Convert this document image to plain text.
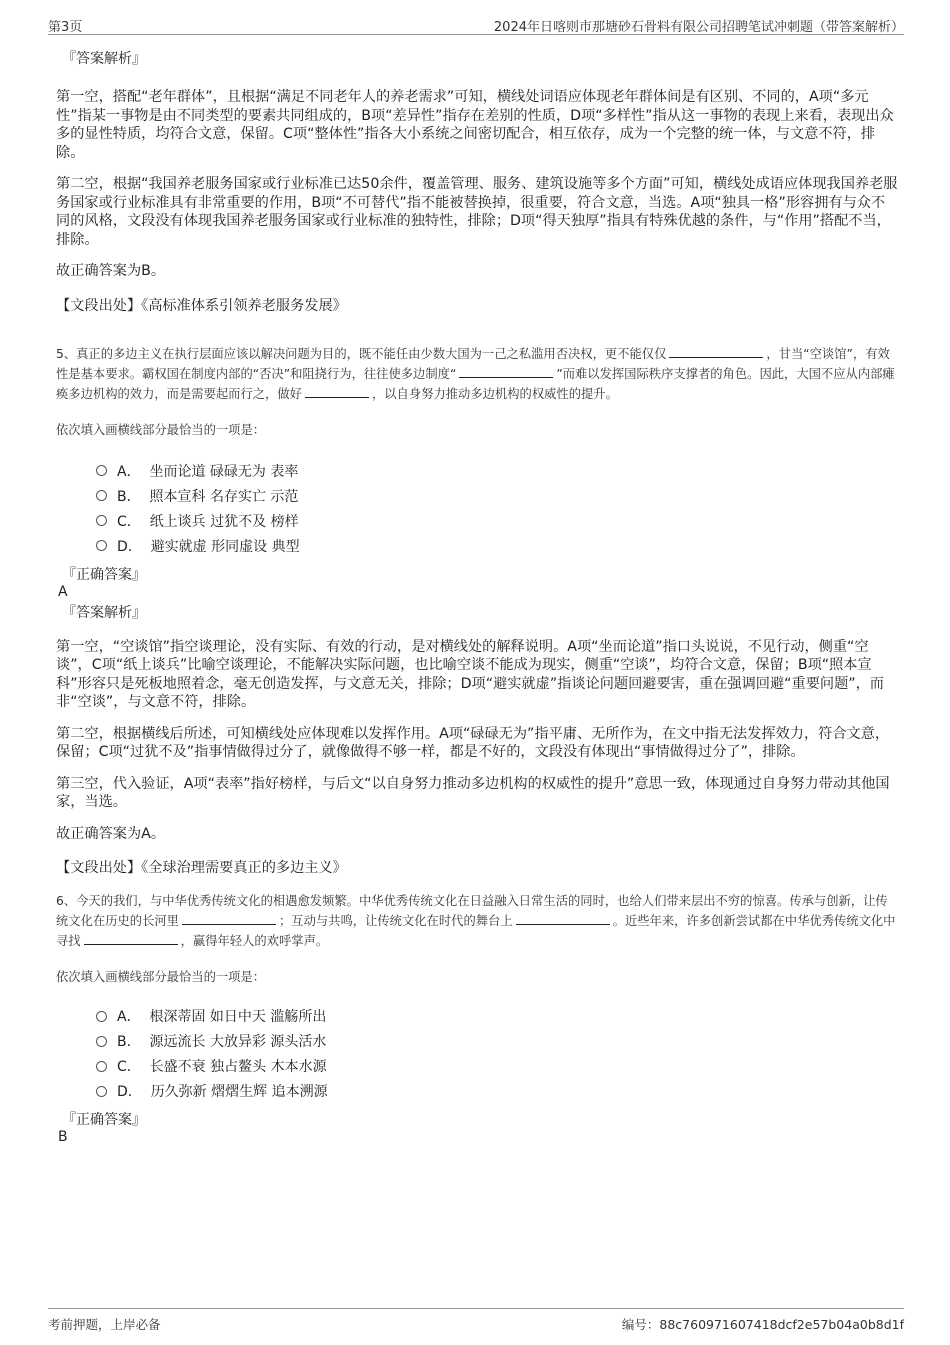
第3页	2024年日喀则市那塘砂石骨料有限公司招聘笔试冲刺题（带答案解析）
『答案解析』

第一空，搭配“老年群体”，且根据“满足不同老年人的养老需求”可知，横线处词语应体现老年群体间是有区别、不同的，A项“多元性”指某一事物是由不同类型的要素共同组成的，B项“差异性”指存在差别的性质，D项“多样性”指从这一事物的表现上来看，表现出众多的显性特质，均符合文意，保留。C项“整体性”指各大小系统之间密切配合，相互依存，成为一个完整的统一体，与文意不符，排除。

第二空，根据“我国养老服务国家或行业标准已达50余件，覆盖管理、服务、建筑设施等多个方面”可知，横线处成语应体现我国养老服务国家或行业标准具有非常重要的作用，B项“不可替代”指不能被替换掉，很重要，符合文意，当选。A项“独具一格”形容拥有与众不同的风格，文段没有体现我国养老服务国家或行业标准的独特性，排除；D项“得天独厚”指具有特殊优越的条件，与“作用”搭配不当，排除。

故正确答案为B。

【文段出处】《高标准体系引领养老服务发展》

5、真正的多边主义在执行层面应该以解决问题为目的，既不能任由少数大国为一己之私滥用否决权，更不能仅仅	，甘当“空谈馆”，有效性是基本要求。霸权国在制度内部的“否决”和阻挠行为，往往使多边制度“	”而难以发挥国际秩序支撑者的角色。因此，大国不应从内部瘫痪多边机构的效力，而是需要起而行之，做好	，以自身努力推动多边机构的权威性的提升。

依次填入画横线部分最恰当的一项是：
A． 坐而论道 碌碌无为 表率
B． 照本宣科 名存实亡 示范
C． 纸上谈兵 过犹不及 榜样
D． 避实就虚 形同虚设 典型
『正确答案』
A
『答案解析』

第一空，“空谈馆”指空谈理论，没有实际、有效的行动，是对横线处的解释说明。A项“坐而论道”指口头说说，不见行动，侧重“空谈”，C项“纸上谈兵”比喻空谈理论，不能解决实际问题，也比喻空谈不能成为现实，侧重“空谈”，均符合文意，保留；B项“照本宣科”形容只是死板地照着念，毫无创造发挥，与文意无关，排除；D项“避实就虚”指谈论问题回避要害，重在强调回避“重要问题”，而非“空谈”，与文意不符，排除。

第二空，根据横线后所述，可知横线处应体现难以发挥作用。A项“碌碌无为”指平庸、无所作为，在文中指无法发挥效力，符合文意，保留；C项“过犹不及”指事情做得过分了，就像做得不够一样，都是不好的，文段没有体现出“事情做得过分了”，排除。

第三空，代入验证，A项“表率”指好榜样，与后文“以自身努力推动多边机构的权威性的提升”意思一致，体现通过自身努力带动其他国家，当选。

故正确答案为A。

【文段出处】《全球治理需要真正的多边主义》

6、今天的我们，与中华优秀传统文化的相遇愈发频繁。中华优秀传统文化在日益融入日常生活的同时，也给人们带来层出不穷的惊喜。传承与创新，让传统文化在历史的长河里	；互动与共鸣，让传统文化在时代的舞台上	。近些年来，许多创新尝试都在中华优秀传统文化中寻找	，赢得年轻人的欢呼掌声。

依次填入画横线部分最恰当的一项是：
A． 根深蒂固 如日中天 滥觞所出
B． 源远流长 大放异彩 源头活水
C． 长盛不衰 独占鳌头 木本水源
D． 历久弥新 熠熠生辉 追本溯源
『正确答案』
B
考前押题，上岸必备	编号：88c760971607418dcf2e57b04a0b8d1f
